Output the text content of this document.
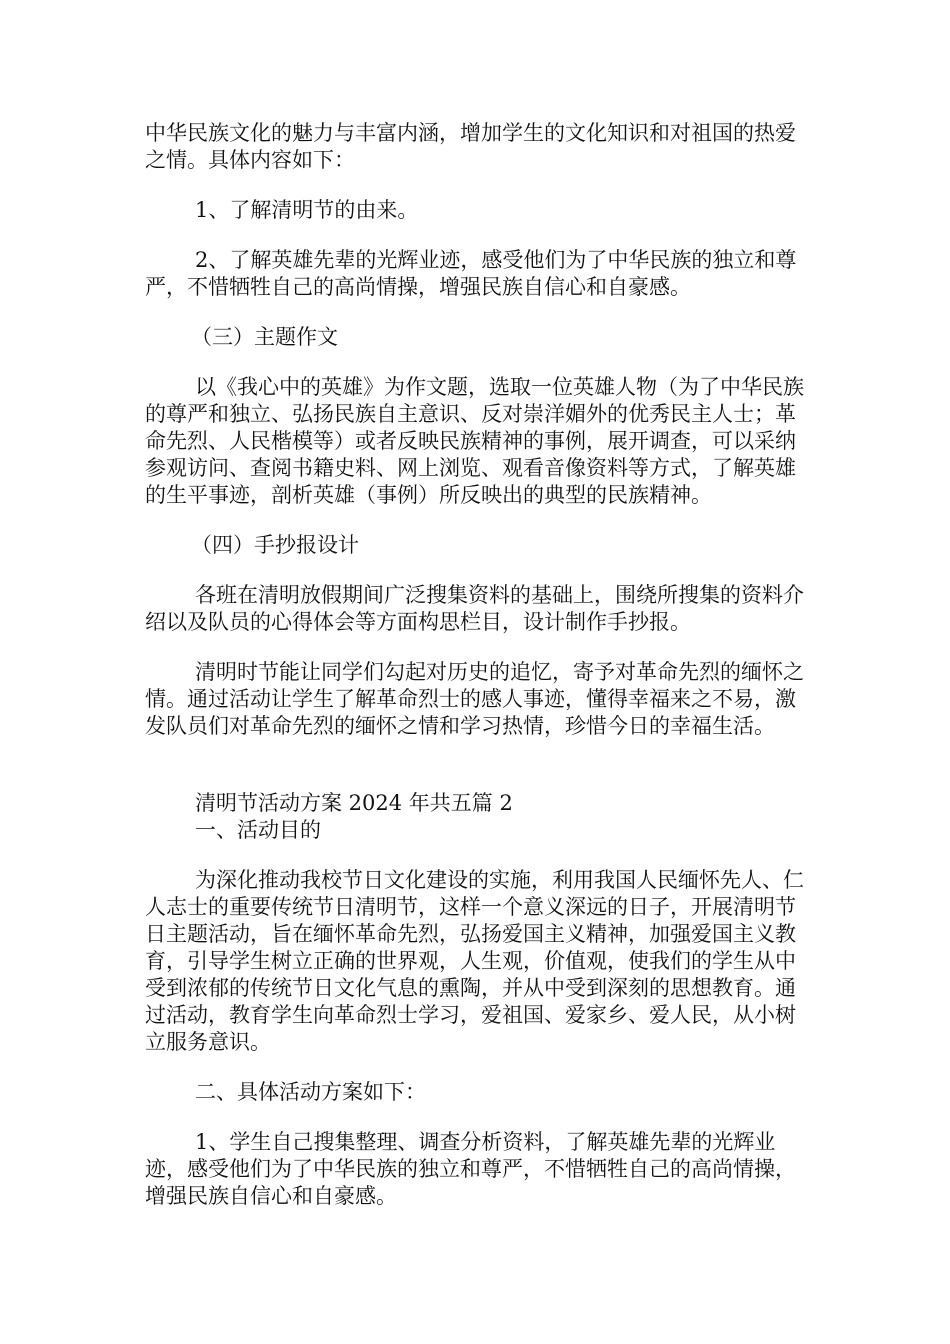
中华民族文化的魅力与丰富内涵，增加学生的文化知识和对祖国的热爱之情。具体内容如下：

1、了解清明节的由来。

2、了解英雄先辈的光辉业迹，感受他们为了中华民族的独立和尊严，不惜牺牲自己的高尚情操，增强民族自信心和自豪感。

（三）主题作文

以《我心中的英雄》为作文题，选取一位英雄人物（为了中华民族的尊严和独立、弘扬民族自主意识、反对崇洋媚外的优秀民主人士；革命先烈、人民楷模等）或者反映民族精神的事例，展开调查，可以采纳参观访问、查阅书籍史料、网上浏览、观看音像资料等方式，了解英雄的生平事迹，剖析英雄（事例）所反映出的典型的民族精神。

（四）手抄报设计

各班在清明放假期间广泛搜集资料的基础上，围绕所搜集的资料介绍以及队员的心得体会等方面构思栏目，设计制作手抄报。

清明时节能让同学们勾起对历史的追忆，寄予对革命先烈的缅怀之情。通过活动让学生了解革命烈士的感人事迹，懂得幸福来之不易，激发队员们对革命先烈的缅怀之情和学习热情，珍惜今日的幸福生活。

清明节活动方案 2024 年共五篇 2

一、活动目的

为深化推动我校节日文化建设的实施，利用我国人民缅怀先人、仁人志士的重要传统节日清明节，这样一个意义深远的日子，开展清明节日主题活动，旨在缅怀革命先烈，弘扬爱国主义精神，加强爱国主义教育，引导学生树立正确的世界观，人生观，价值观，使我们的学生从中受到浓郁的传统节日文化气息的熏陶，并从中受到深刻的思想教育。通过活动，教育学生向革命烈士学习，爱祖国、爱家乡、爱人民，从小树立服务意识。

二、具体活动方案如下：

1、学生自己搜集整理、调查分析资料，了解英雄先辈的光辉业迹，感受他们为了中华民族的独立和尊严，不惜牺牲自己的高尚情操，增强民族自信心和自豪感。
